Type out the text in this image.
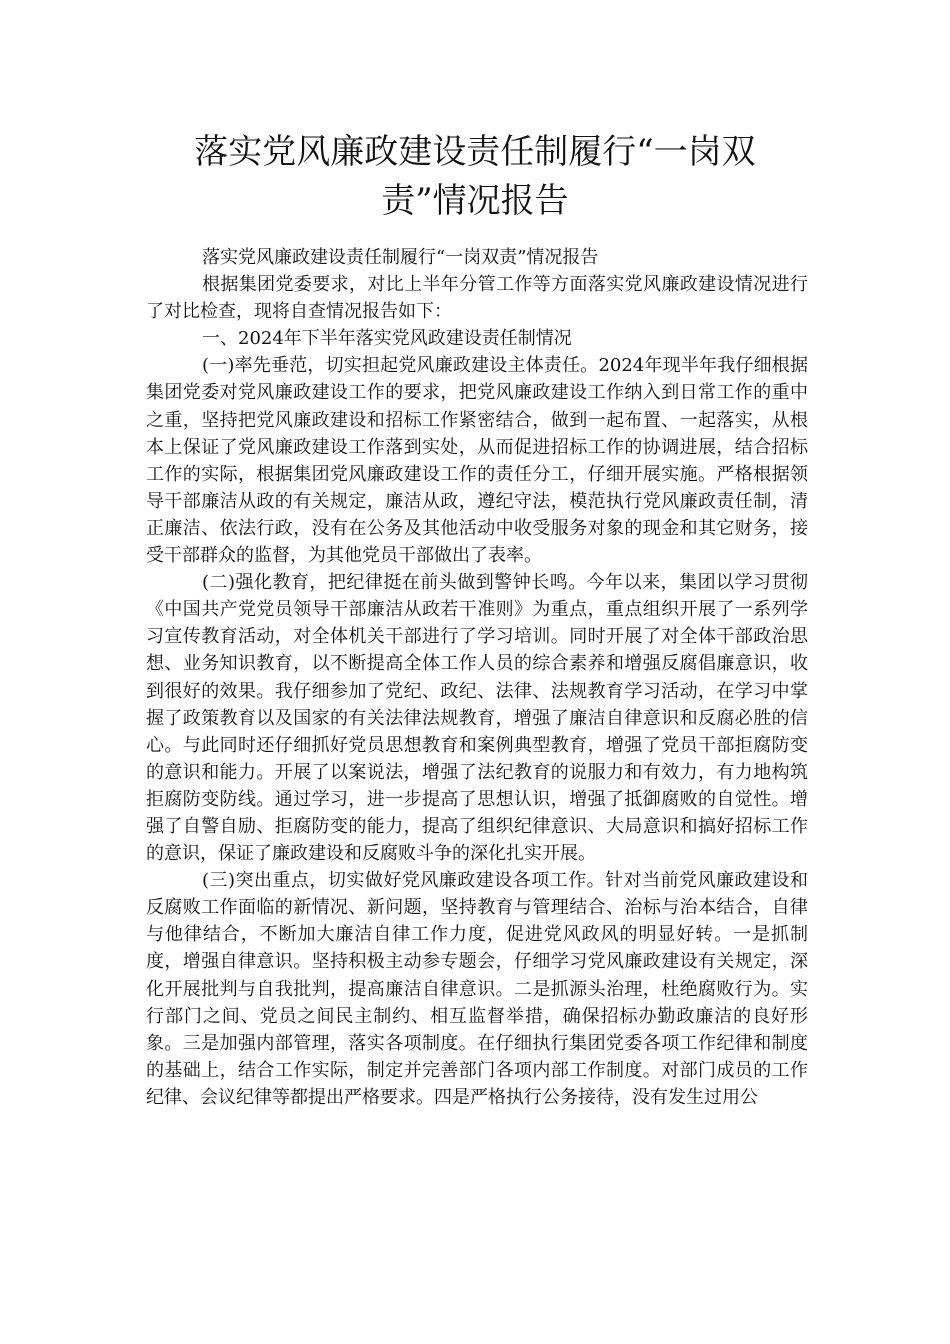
落实党风廉政建设责任制履行“一岗双
责”情况报告

落实党风廉政建设责任制履行“一岗双责”情况报告

根据集团党委要求，对比上半年分管工作等方面落实党风廉政建设情况进行了对比检查，现将自查情况报告如下：

一、2024年下半年落实党风政建设责任制情况

(一)率先垂范，切实担起党风廉政建设主体责任。2024年现半年我仔细根据集团党委对党风廉政建设工作的要求，把党风廉政建设工作纳入到日常工作的重中之重，坚持把党风廉政建设和招标工作紧密结合，做到一起布置、一起落实，从根本上保证了党风廉政建设工作落到实处，从而促进招标工作的协调进展，结合招标工作的实际，根据集团党风廉政建设工作的责任分工，仔细开展实施。严格根据领导干部廉洁从政的有关规定，廉洁从政，遵纪守法，模范执行党风廉政责任制，清正廉洁、依法行政，没有在公务及其他活动中收受服务对象的现金和其它财务，接受干部群众的监督，为其他党员干部做出了表率。

(二)强化教育，把纪律挺在前头做到警钟长鸣。今年以来，集团以学习贯彻《中国共产党党员领导干部廉洁从政若干准则》为重点，重点组织开展了一系列学习宣传教育活动，对全体机关干部进行了学习培训。同时开展了对全体干部政治思想、业务知识教育，以不断提高全体工作人员的综合素养和增强反腐倡廉意识，收到很好的效果。我仔细参加了党纪、政纪、法律、法规教育学习活动，在学习中掌握了政策教育以及国家的有关法律法规教育，增强了廉洁自律意识和反腐必胜的信心。与此同时还仔细抓好党员思想教育和案例典型教育，增强了党员干部拒腐防变的意识和能力。开展了以案说法，增强了法纪教育的说服力和有效力，有力地构筑拒腐防变防线。通过学习，进一步提高了思想认识，增强了抵御腐败的自觉性。增强了自警自励、拒腐防变的能力，提高了组织纪律意识、大局意识和搞好招标工作的意识，保证了廉政建设和反腐败斗争的深化扎实开展。

(三)突出重点，切实做好党风廉政建设各项工作。针对当前党风廉政建设和反腐败工作面临的新情况、新问题，坚持教育与管理结合、治标与治本结合，自律与他律结合，不断加大廉洁自律工作力度，促进党风政风的明显好转。一是抓制度，增强自律意识。坚持积极主动参专题会，仔细学习党风廉政建设有关规定，深化开展批判与自我批判，提高廉洁自律意识。二是抓源头治理，杜绝腐败行为。实行部门之间、党员之间民主制约、相互监督举措，确保招标办勤政廉洁的良好形象。三是加强内部管理，落实各项制度。在仔细执行集团党委各项工作纪律和制度的基础上，结合工作实际，制定并完善部门各项内部工作制度。对部门成员的工作纪律、会议纪律等都提出严格要求。四是严格执行公务接待，没有发生过用公
